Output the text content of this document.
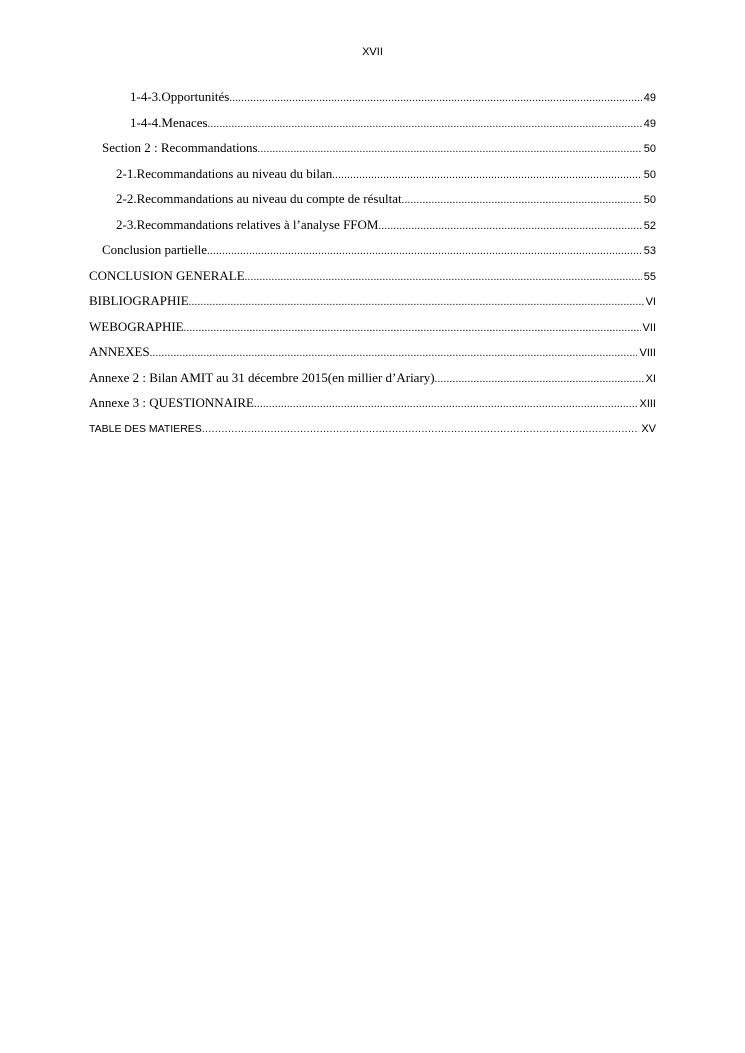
XVII
1-4-3. Opportunités .....	49
1-4-4. Menaces .....	49
Section 2 : Recommandations .....	50
2-1. Recommandations au niveau du bilan .....	50
2-2. Recommandations au niveau du compte de résultat .....	50
2-3. Recommandations relatives à l’analyse FFOM .....	52
Conclusion partielle .....	53
CONCLUSION GENERALE .....	55
BIBLIOGRAPHIE .....	VI
WEBOGRAPHIE .....	VII
ANNEXES .....	VIII
Annexe 2 : Bilan AMIT au 31 décembre 2015(en millier d’Ariary) .....	XI
Annexe 3 : QUESTIONNAIRE .....	XIII
TABLE DES MATIERES .....	XV
